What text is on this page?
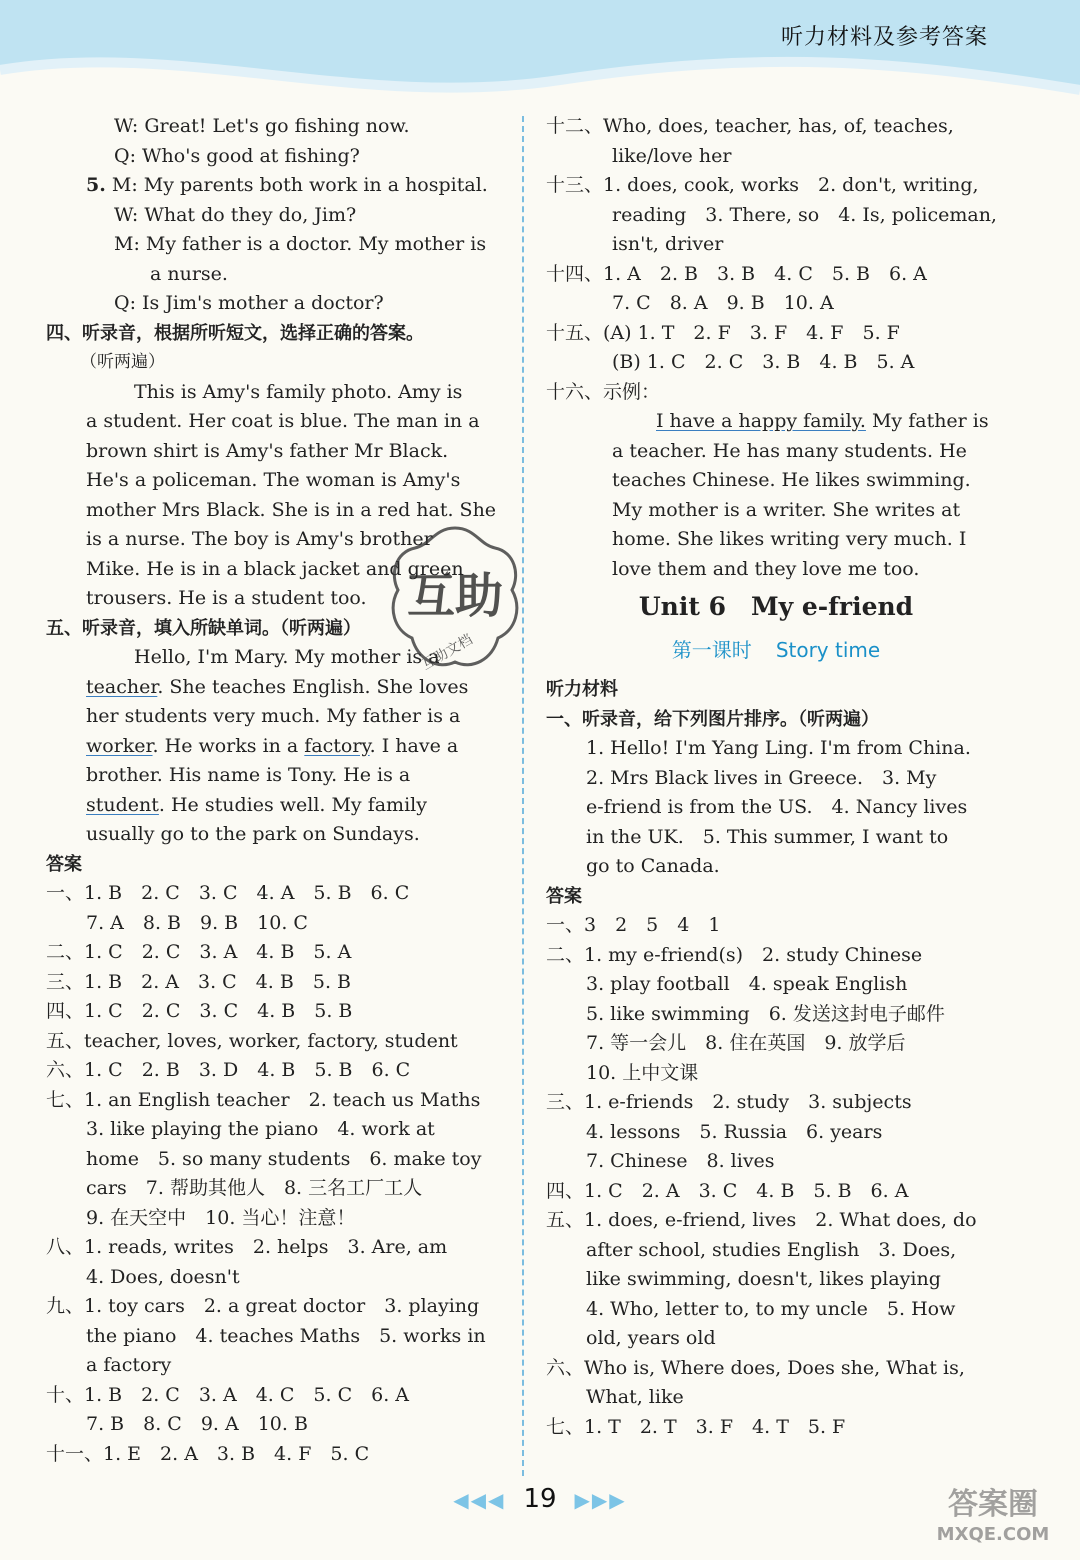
听力材料及参考答案
W: Great! Let's go fishing now.
Q: Who's good at fishing?
5. M: My parents both work in a hospital.
W: What do they do, Jim?
M: My father is a doctor. My mother is
a nurse.
Q: Is Jim's mother a doctor?
四、听录音，根据所听短文，选择正确的答案。
（听两遍）
This is Amy's family photo. Amy is
a student. Her coat is blue. The man in a
brown shirt is Amy's father Mr Black.
He's a policeman. The woman is Amy's
mother Mrs Black. She is in a red hat. She
is a nurse. The boy is Amy's brother
Mike. He is in a black jacket and green
trousers. He is a student too.
五、听录音，填入所缺单词。（听两遍）
Hello, I'm Mary. My mother is a
teacher. She teaches English. She loves
her students very much. My father is a
worker. He works in a factory. I have a
brother. His name is Tony. He is a
student. He studies well. My family
usually go to the park on Sundays.
答案
一、1. B　2. C　3. C　4. A　5. B　6. C
7. A　8. B　9. B　10. C
二、1. C　2. C　3. A　4. B　5. A
三、1. B　2. A　3. C　4. B　5. B
四、1. C　2. C　3. C　4. B　5. B
五、teacher, loves, worker, factory, student
六、1. C　2. B　3. D　4. B　5. B　6. C
七、1. an English teacher　2. teach us Maths
3. like playing the piano　4. work at
home　5. so many students　6. make toy
cars　7. 帮助其他人　8. 三名工厂工人
9. 在天空中　10. 当心！注意！
八、1. reads, writes　2. helps　3. Are, am
4. Does, doesn't
九、1. toy cars　2. a great doctor　3. playing
the piano　4. teaches Maths　5. works in
a factory
十、1. B　2. C　3. A　4. C　5. C　6. A
7. B　8. C　9. A　10. B
十一、1. E　2. A　3. B　4. F　5. C
十二、Who, does, teacher, has, of, teaches,
like/love her
十三、1. does, cook, works　2. don't, writing,
reading　3. There, so　4. Is, policeman,
isn't, driver
十四、1. A　2. B　3. B　4. C　5. B　6. A
7. C　8. A　9. B　10. A
十五、(A) 1. T　2. F　3. F　4. F　5. F
(B) 1. C　2. C　3. B　4. B　5. A
十六、示例：
I have a happy family. My father is
a teacher. He has many students. He
teaches Chinese. He likes swimming.
My mother is a writer. She writes at
home. She likes writing very much. I
love them and they love me too.
Unit 6　My e-friend
第一课时 Story time
听力材料
一、听录音，给下列图片排序。（听两遍）
1. Hello! I'm Yang Ling. I'm from China.
2. Mrs Black lives in Greece.　3. My
e-friend is from the US.　4. Nancy lives
in the UK.　5. This summer, I want to
go to Canada.
答案
一、3　2　5　4　1
二、1. my e-friend(s)　2. study Chinese
3. play football　4. speak English
5. like swimming　6. 发送这封电子邮件
7. 等一会儿　8. 住在英国　9. 放学后
10. 上中文课
三、1. e-friends　2. study　3. subjects
4. lessons　5. Russia　6. years
7. Chinese　8. lives
四、1. C　2. A　3. C　4. B　5. B　6. A
五、1. does, e-friend, lives　2. What does, do
after school, studies English　3. Does,
like swimming, doesn't, likes playing
4. Who, letter to, to my uncle　5. How
old, years old
六、Who is, Where does, Does she, What is,
What, like
七、1. T　2. T　3. F　4. T　5. F
互助
互助文档
◀◀◀ 19 ▶▶▶	答案圈
MXQE.COM
